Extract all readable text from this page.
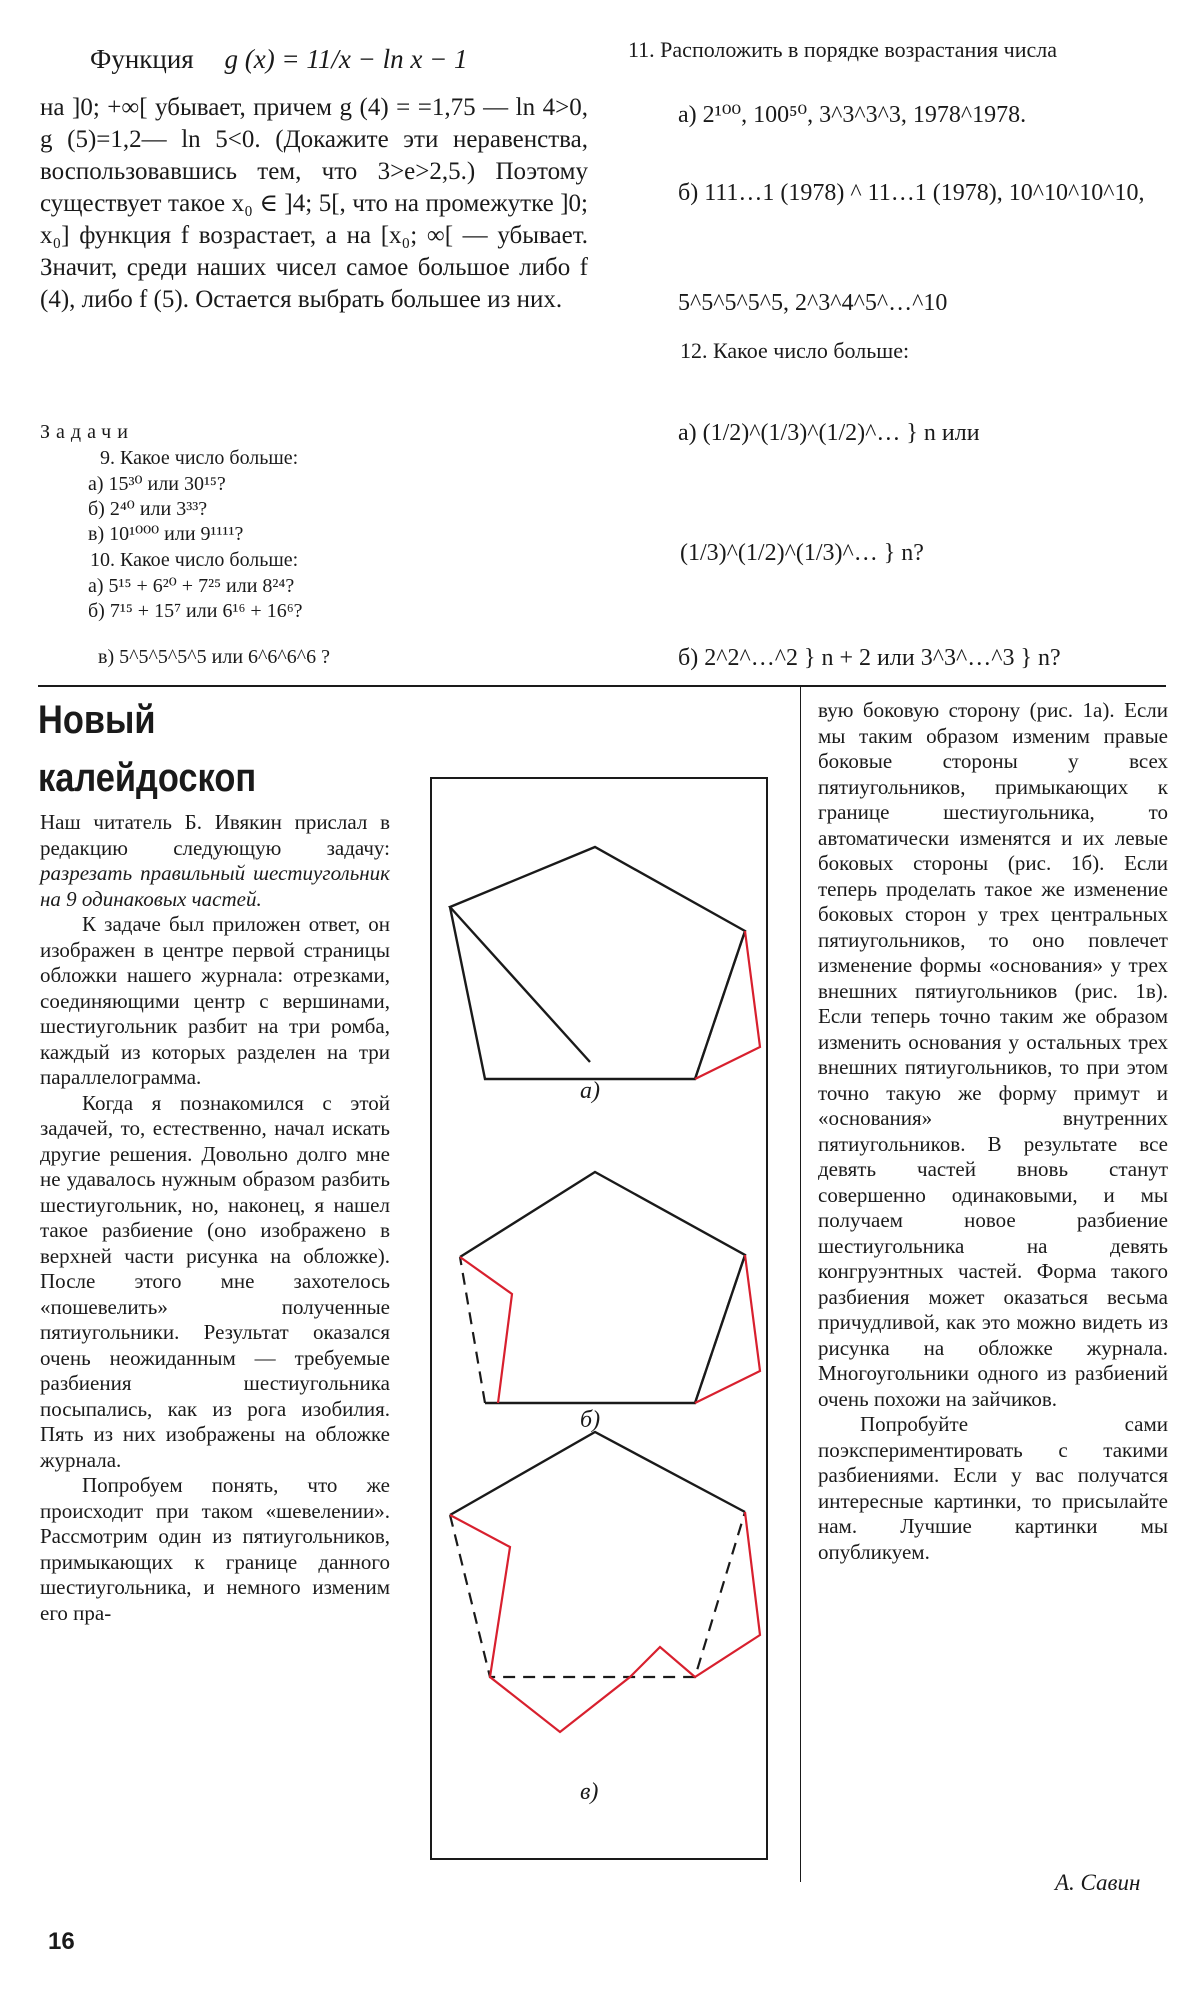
Функция g (x) = 11/x − ln x − 1
на ]0; +∞[ убывает, причем g (4) = =1,75 — ln 4>0, g (5)=1,2— ln 5<0. (Докажите эти неравенства, воспользовавшись тем, что 3>e>2,5.) Поэтому существует такое x₀ ∈ ]4; 5[, что на промежутке ]0; x₀] функция f возрастает, а на [x₀; ∞[ — убывает. Значит, среди наших чисел самое большое либо f (4), либо f (5). Остается выбрать большее из них.
Задачи
9. Какое число больше:
а) 15³⁰ или 30¹⁵?
б) 2⁴⁰ или 3³³?
в) 10¹⁰⁰⁰ или 9¹¹¹¹?
10. Какое число больше:
а) 5¹⁵ + 6²⁰ + 7²⁵ или 8²⁴?
б) 7¹⁵ + 15⁷ или 6¹⁶ + 16⁶?
в) 5^5^5^5^5 или 6^6^6^6 ?
11. Расположить в порядке возрастания числа
а) 2¹⁰⁰, 100⁵⁰, 3^3^3^3, 1978^1978.
б) 111…1 (1978) ^ 11…1 (1978), 10^10^10^10,
5^5^5^5^5, 2^3^4^5^…^10
12. Какое число больше:
а) (1/2)^(1/3)^(1/2)^… } n или
(1/3)^(1/2)^(1/3)^… } n?
б) 2^2^…^2 } n + 2 или 3^3^…^3 } n?
Новый
калейдоскоп

Наш читатель Б. Ивякин прислал в редакцию следующую задачу: разрезать правильный шестиугольник на 9 одинаковых частей.

К задаче был приложен ответ, он изображен в центре первой страницы обложки нашего журнала: отрезками, соединяющими центр с вершинами, шестиугольник разбит на три ромба, каждый из которых разделен на три параллелограмма.

Когда я познакомился с этой задачей, то, естественно, начал искать другие решения. Довольно долго мне не удавалось нужным образом разбить шестиугольник, но, наконец, я нашел такое разбиение (оно изображено в верхней части рисунка на обложке). После этого мне захотелось «пошевелить» полученные пятиугольники. Результат оказался очень неожиданным — требуемые разбиения шестиугольника посыпались, как из рога изобилия. Пять из них изображены на обложке журнала.

Попробуем понять, что же происходит при таком «шевелении». Рассмотрим один из пятиугольников, примыкающих к границе данного шестиугольника, и немного изменим его пра-

а)
б)
в)

вую боковую сторону (рис. 1а). Если мы таким образом изменим правые боковые стороны у всех пятиугольников, примыкающих к границе шестиугольника, то автоматически изменятся и их левые боковых стороны (рис. 1б). Если теперь проделать такое же изменение боковых сторон у трех центральных пятиугольников, то оно повлечет изменение формы «основания» у трех внешних пятиугольников (рис. 1в). Если теперь точно таким же образом изменить основания у остальных трех внешних пятиугольников, то при этом точно такую же форму примут и «основания» внутренних пятиугольников. В результате все девять частей вновь станут совершенно одинаковыми, и мы получаем новое разбиение шестиугольника на девять конгруэнтных частей. Форма такого разбиения может оказаться весьма причудливой, как это можно видеть из рисунка на обложке журнала. Многоугольники одного из разбиений очень похожи на зайчиков.

Попробуйте сами поэкспериментировать с такими разбиениями. Если у вас получатся интересные картинки, то присылайте нам. Лучшие картинки мы опубликуем.

А. Савин
16
